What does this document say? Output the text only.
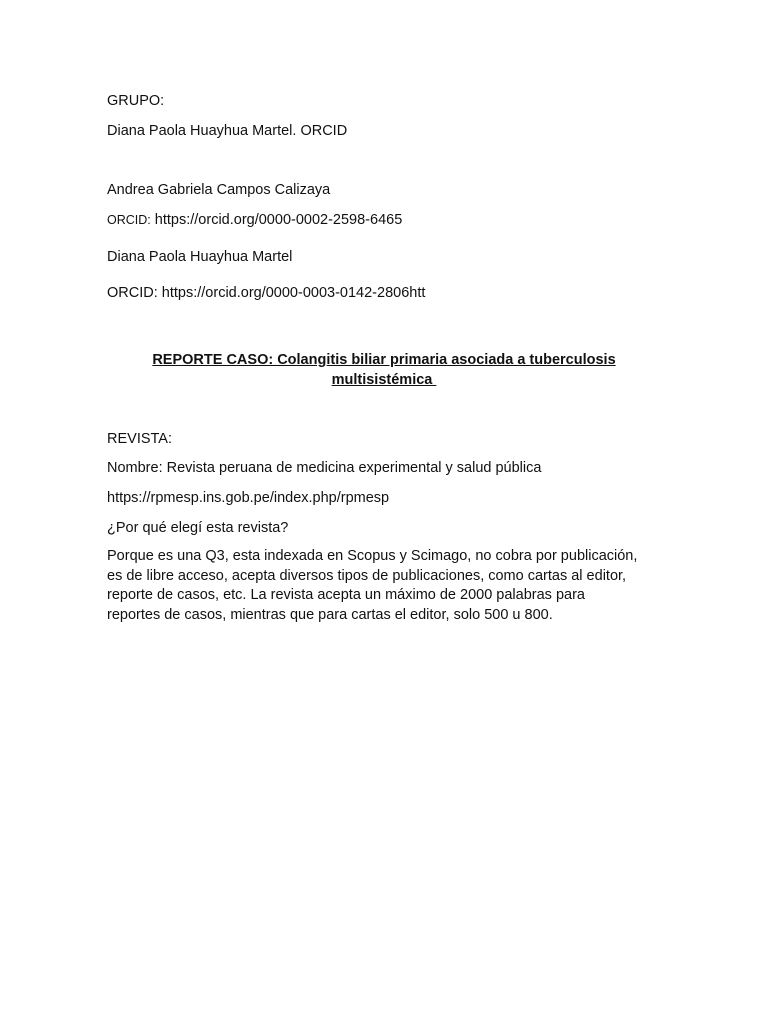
GRUPO:
Diana Paola Huayhua Martel. ORCID
Andrea Gabriela Campos Calizaya
ORCID: https://orcid.org/0000-0002-2598-6465
Diana Paola Huayhua Martel
ORCID: https://orcid.org/0000-0003-0142-2806htt
REPORTE CASO: Colangitis biliar primaria asociada a tuberculosis
multisistémica
REVISTA:
Nombre: Revista peruana de medicina experimental y salud pública
https://rpmesp.ins.gob.pe/index.php/rpmesp
¿Por qué elegí esta revista?
Porque es una Q3, esta indexada en Scopus y Scimago, no cobra por publicación,
es de libre acceso, acepta diversos tipos de publicaciones, como cartas al editor,
reporte de casos, etc. La revista acepta un máximo de 2000 palabras para
reportes de casos, mientras que para cartas el editor, solo 500 u 800.
